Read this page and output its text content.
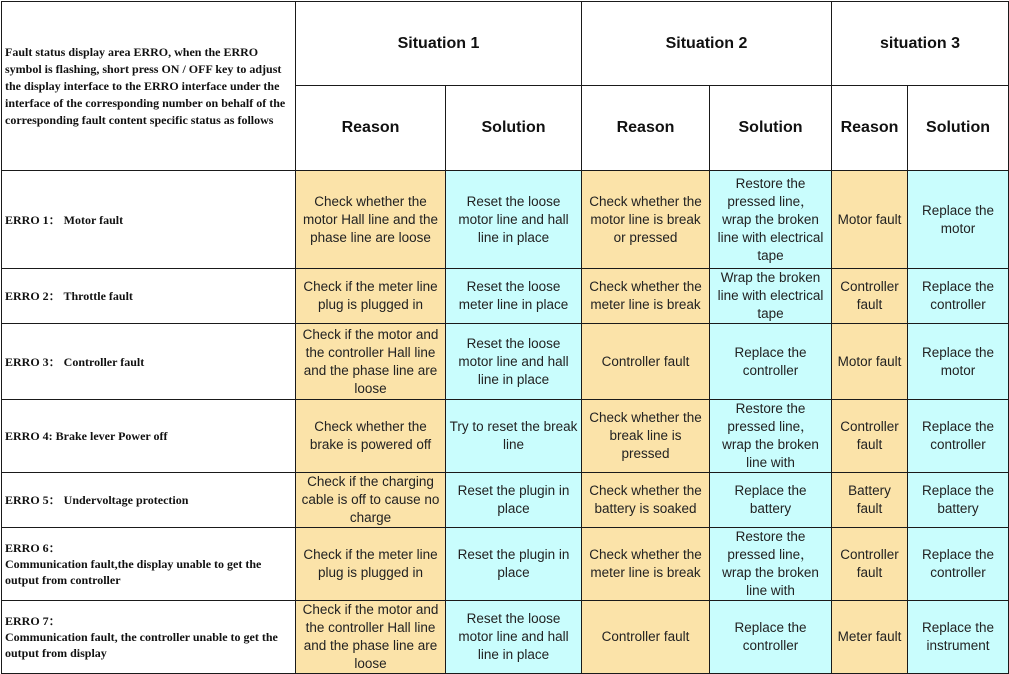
Fault status display area ERRO, when the ERRO symbol is flashing, short press ON / OFF key to adjust the display interface to the ERRO interface under the interface of the corresponding number on behalf of the corresponding fault content specific status as follows	Situation 1		Situation 2		situation 3	
	Reason	Solution	Reason	Solution	Reason	Solution

ERRO 1： Motor fault	Check whether the motor Hall line and the phase line are loose	Reset the loose motor line and hall line in place	Check whether the motor line is break or pressed	Restore the pressed line， wrap the broken line with electrical tape	Motor fault	Replace the motor

ERRO 2： Throttle fault	Check if the meter line plug is plugged in	Reset the loose meter line in place	Check whether the meter line is break	Wrap the broken line with electrical tape	Controller fault	Replace the controller

ERRO 3： Controller fault	Check if the motor and the controller Hall line and the phase line are loose	Reset the loose motor line and hall line in place	Controller fault	Replace the controller	Motor fault	Replace the motor

ERRO 4: Brake lever Power off	Check whether the brake is powered off	Try to reset the break line	Check whether the break line is pressed	Restore the pressed line， wrap the broken line with	Controller fault	Replace the controller

ERRO 5： Undervoltage protection	Check if the charging cable is off to cause no charge	Reset the plugin in place	Check whether the battery is soaked	Replace the battery	Battery fault	Replace the battery

ERRO 6：
Communication fault,the display unable to get the output from controller	Check if the meter line plug is plugged in	Reset the plugin in place	Check whether the meter line is break	Restore the pressed line， wrap the broken line with	Controller fault	Replace the controller

ERRO 7：
Communication fault, the controller unable to get the output from display	Check if the motor and the controller Hall line and the phase line are loose	Reset the loose motor line and hall line in place	Controller fault	Replace the controller	Meter fault	Replace the instrument
